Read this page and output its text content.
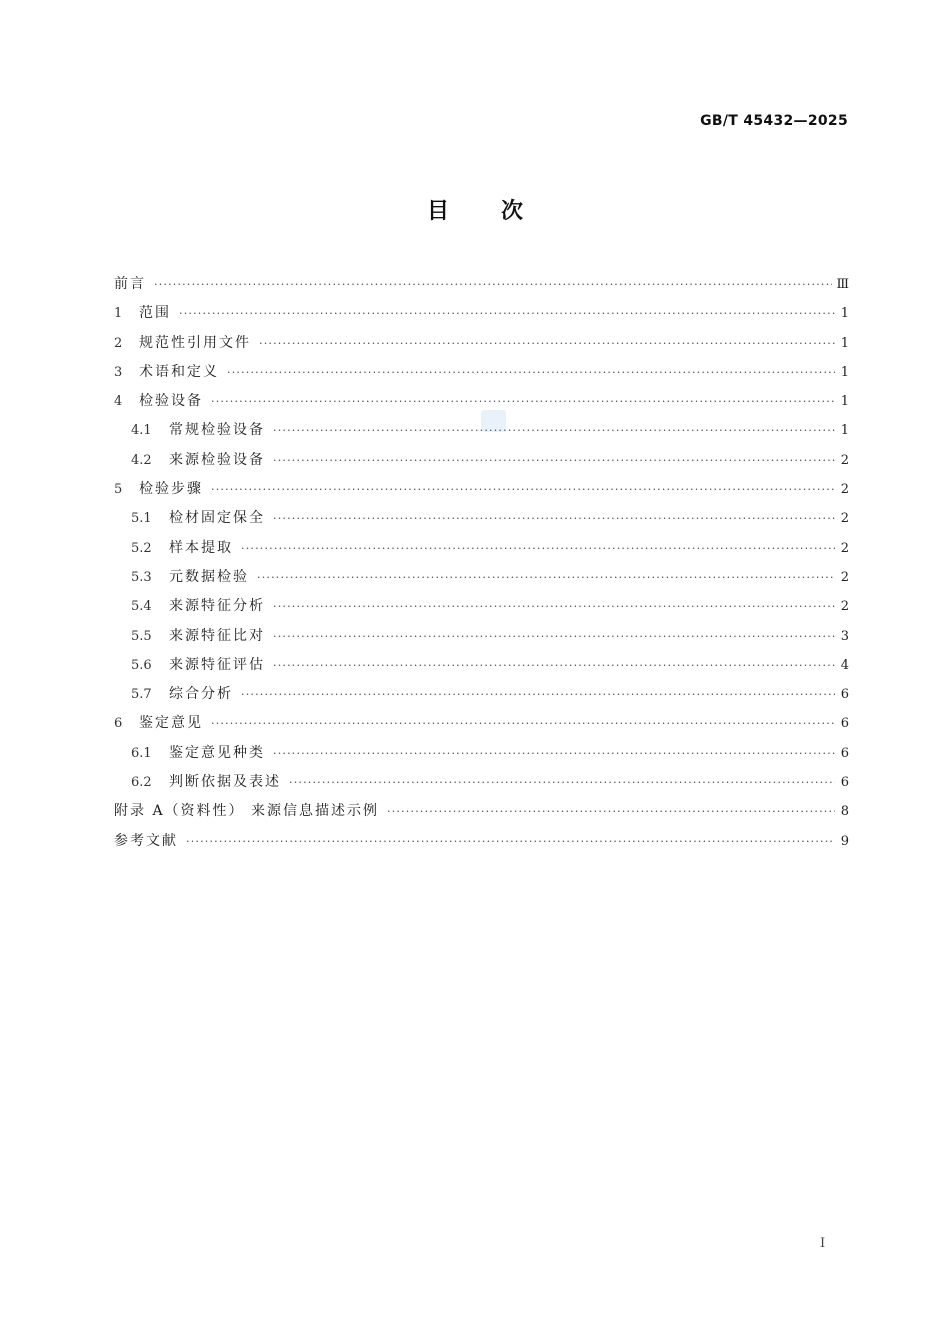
GB/T 45432—2025
目次
前言 ·····	Ⅲ
1	范围 ·····	1
2	规范性引用文件 ·····	1
3	术语和定义 ·····	1
4	检验设备 ·····	1
4.1	常规检验设备 ·····	1
4.2	来源检验设备 ·····	2
5	检验步骤 ·····	2
5.1	检材固定保全 ·····	2
5.2	样本提取 ·····	2
5.3	元数据检验 ·····	2
5.4	来源特征分析 ·····	2
5.5	来源特征比对 ·····	3
5.6	来源特征评估 ·····	4
5.7	综合分析 ·····	6
6	鉴定意见 ·····	6
6.1	鉴定意见种类 ·····	6
6.2	判断依据及表述 ·····	6
附录 A（资料性） 来源信息描述示例 ·····	8
参考文献 ·····	9
I
